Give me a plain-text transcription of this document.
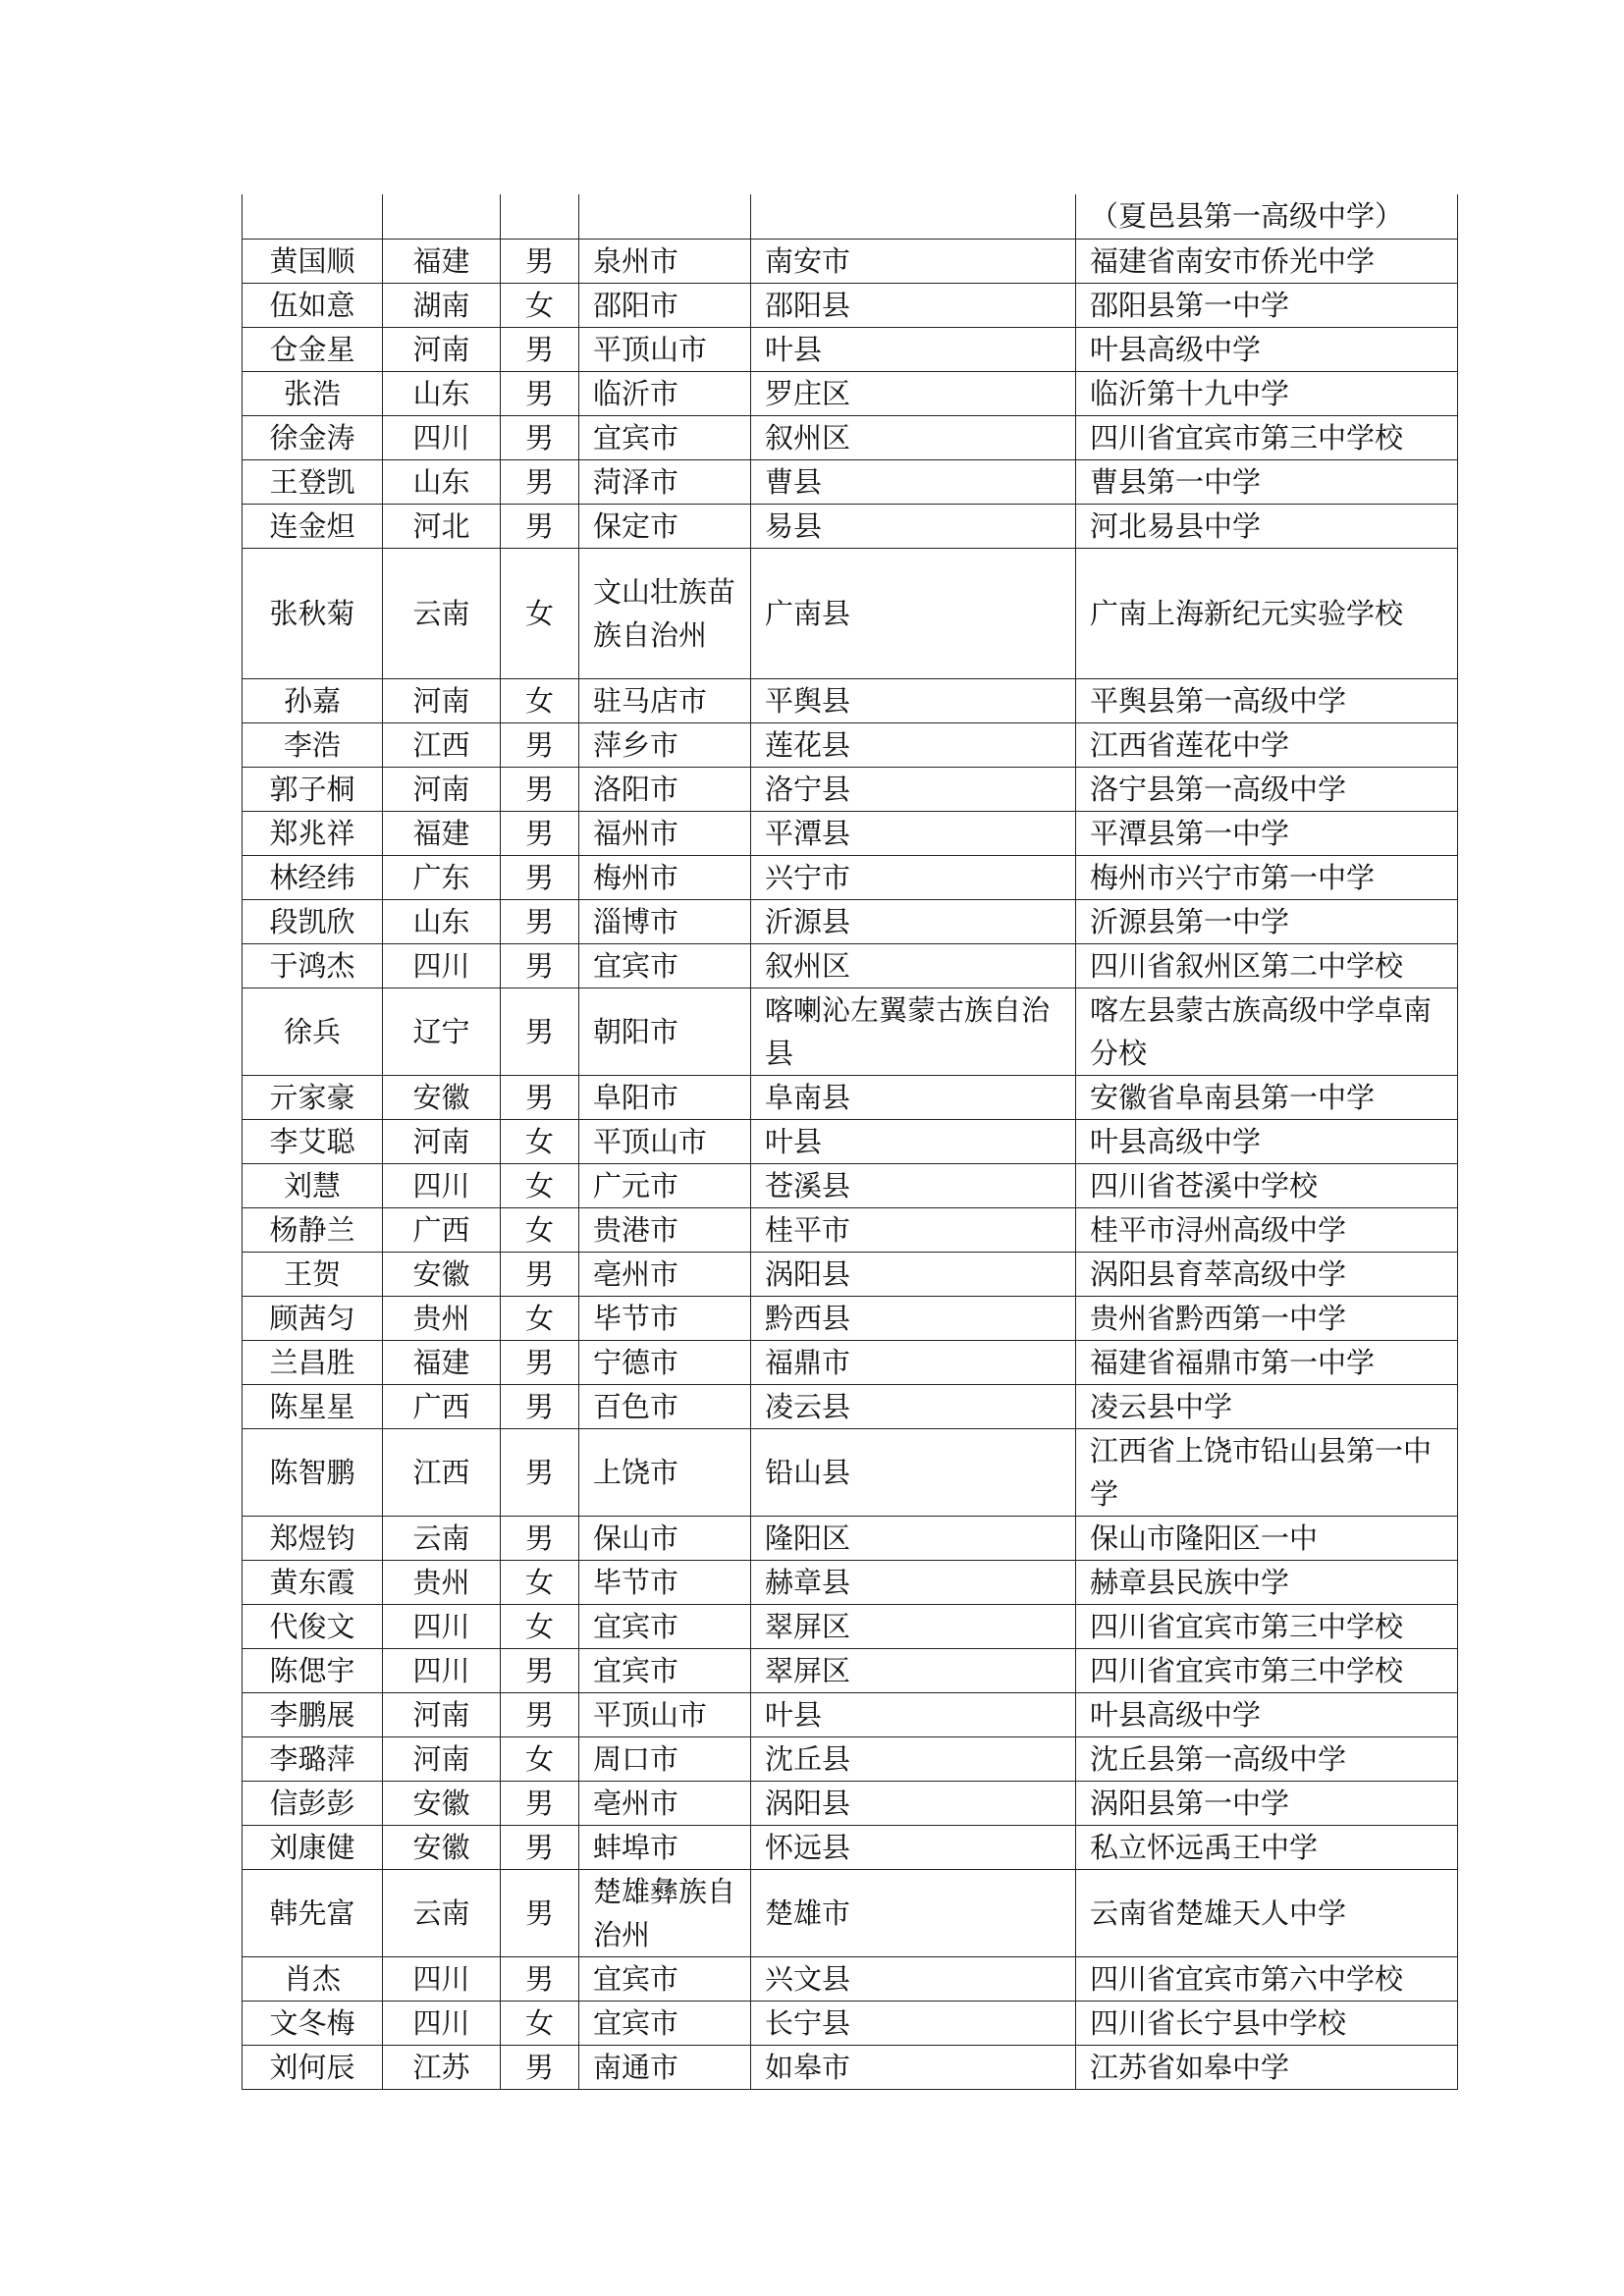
					（夏邑县第一高级中学）
黄国顺	福建	男	泉州市	南安市	福建省南安市侨光中学
伍如意	湖南	女	邵阳市	邵阳县	邵阳县第一中学
仓金星	河南	男	平顶山市	叶县	叶县高级中学
张浩	山东	男	临沂市	罗庄区	临沂第十九中学
徐金涛	四川	男	宜宾市	叙州区	四川省宜宾市第三中学校
王登凯	山东	男	菏泽市	曹县	曹县第一中学
连金炟	河北	男	保定市	易县	河北易县中学
张秋菊	云南	女	文山壮族苗族自治州	广南县	广南上海新纪元实验学校
孙嘉	河南	女	驻马店市	平舆县	平舆县第一高级中学
李浩	江西	男	萍乡市	莲花县	江西省莲花中学
郭子桐	河南	男	洛阳市	洛宁县	洛宁县第一高级中学
郑兆祥	福建	男	福州市	平潭县	平潭县第一中学
林经纬	广东	男	梅州市	兴宁市	梅州市兴宁市第一中学
段凯欣	山东	男	淄博市	沂源县	沂源县第一中学
于鸿杰	四川	男	宜宾市	叙州区	四川省叙州区第二中学校
徐兵	辽宁	男	朝阳市	喀喇沁左翼蒙古族自治县	喀左县蒙古族高级中学卓南分校
亓家豪	安徽	男	阜阳市	阜南县	安徽省阜南县第一中学
李艾聪	河南	女	平顶山市	叶县	叶县高级中学
刘慧	四川	女	广元市	苍溪县	四川省苍溪中学校
杨静兰	广西	女	贵港市	桂平市	桂平市浔州高级中学
王贺	安徽	男	亳州市	涡阳县	涡阳县育萃高级中学
顾茜匀	贵州	女	毕节市	黔西县	贵州省黔西第一中学
兰昌胜	福建	男	宁德市	福鼎市	福建省福鼎市第一中学
陈星星	广西	男	百色市	凌云县	凌云县中学
陈智鹏	江西	男	上饶市	铅山县	江西省上饶市铅山县第一中学
郑煜钧	云南	男	保山市	隆阳区	保山市隆阳区一中
黄东霞	贵州	女	毕节市	赫章县	赫章县民族中学
代俊文	四川	女	宜宾市	翠屏区	四川省宜宾市第三中学校
陈偲宇	四川	男	宜宾市	翠屏区	四川省宜宾市第三中学校
李鹏展	河南	男	平顶山市	叶县	叶县高级中学
李璐萍	河南	女	周口市	沈丘县	沈丘县第一高级中学
信彭彭	安徽	男	亳州市	涡阳县	涡阳县第一中学
刘康健	安徽	男	蚌埠市	怀远县	私立怀远禹王中学
韩先富	云南	男	楚雄彝族自治州	楚雄市	云南省楚雄天人中学
肖杰	四川	男	宜宾市	兴文县	四川省宜宾市第六中学校
文冬梅	四川	女	宜宾市	长宁县	四川省长宁县中学校
刘何辰	江苏	男	南通市	如皋市	江苏省如皋中学
